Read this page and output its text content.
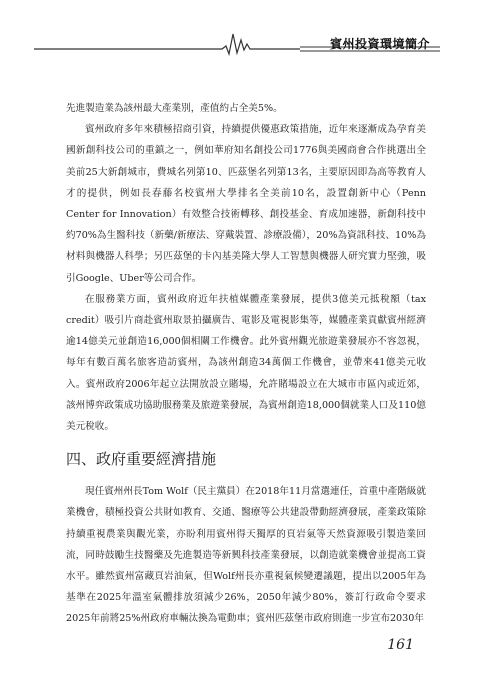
賓州投資環境簡介

先進製造業為該州最大產業別，產值約占全美5%。

賓州政府多年來積極招商引資，持續提供優惠政策措施，近年來逐漸成為孕育美國新創科技公司的重鎮之一，例如華府知名創投公司1776與美國商會合作挑選出全美前25大新創城市，費城名列第10、匹茲堡名列第13名，主要原因即為高等教育人才的提供，例如長春藤名校賓州大學排名全美前10名，設置創新中心（Penn Center for Innovation）有效整合技術轉移、創投基金、育成加速器，新創科技中約70%為生醫科技（新藥/新療法、穿戴裝置、診療設備），20%為資訊科技、10%為材料與機器人科學；另匹茲堡的卡內基美隆大學人工智慧與機器人研究實力堅強，吸引Google、Uber等公司合作。

在服務業方面，賓州政府近年扶植媒體產業發展，提供3億美元抵稅額（tax credit）吸引片商赴賓州取景拍攝廣告、電影及電視影集等，媒體產業貢獻賓州經濟逾14億美元並創造16,000個相關工作機會。此外賓州觀光旅遊業發展亦不容忽視，每年有數百萬名旅客造訪賓州，為該州創造34萬個工作機會，並帶來41億美元收入。賓州政府2006年起立法開放設立賭場，允許賭場設立在大城市市區內或近郊，該州博弈政策成功協助服務業及旅遊業發展，為賓州創造18,000個就業人口及110億美元稅收。

四、政府重要經濟措施

現任賓州州長Tom Wolf（民主黨員）在2018年11月當選連任，首重中產階級就業機會，積極投資公共財如教育、交通、醫療等公共建設帶動經濟發展，產業政策除持續重視農業與觀光業，亦盼利用賓州得天獨厚的頁岩氣等天然資源吸引製造業回流，同時鼓勵生技醫藥及先進製造等新興科技產業發展，以創造就業機會並提高工資水平。雖然賓州富藏頁岩油氣，但Wolf州長亦重視氣候變遷議題，提出以2005年為基準在2025年溫室氣體排放須減少26%，2050年減少80%，簽訂行政命令要求2025年前將25%州政府車輛汰換為電動車；賓州匹茲堡市政府則進一步宣布2030年

161
